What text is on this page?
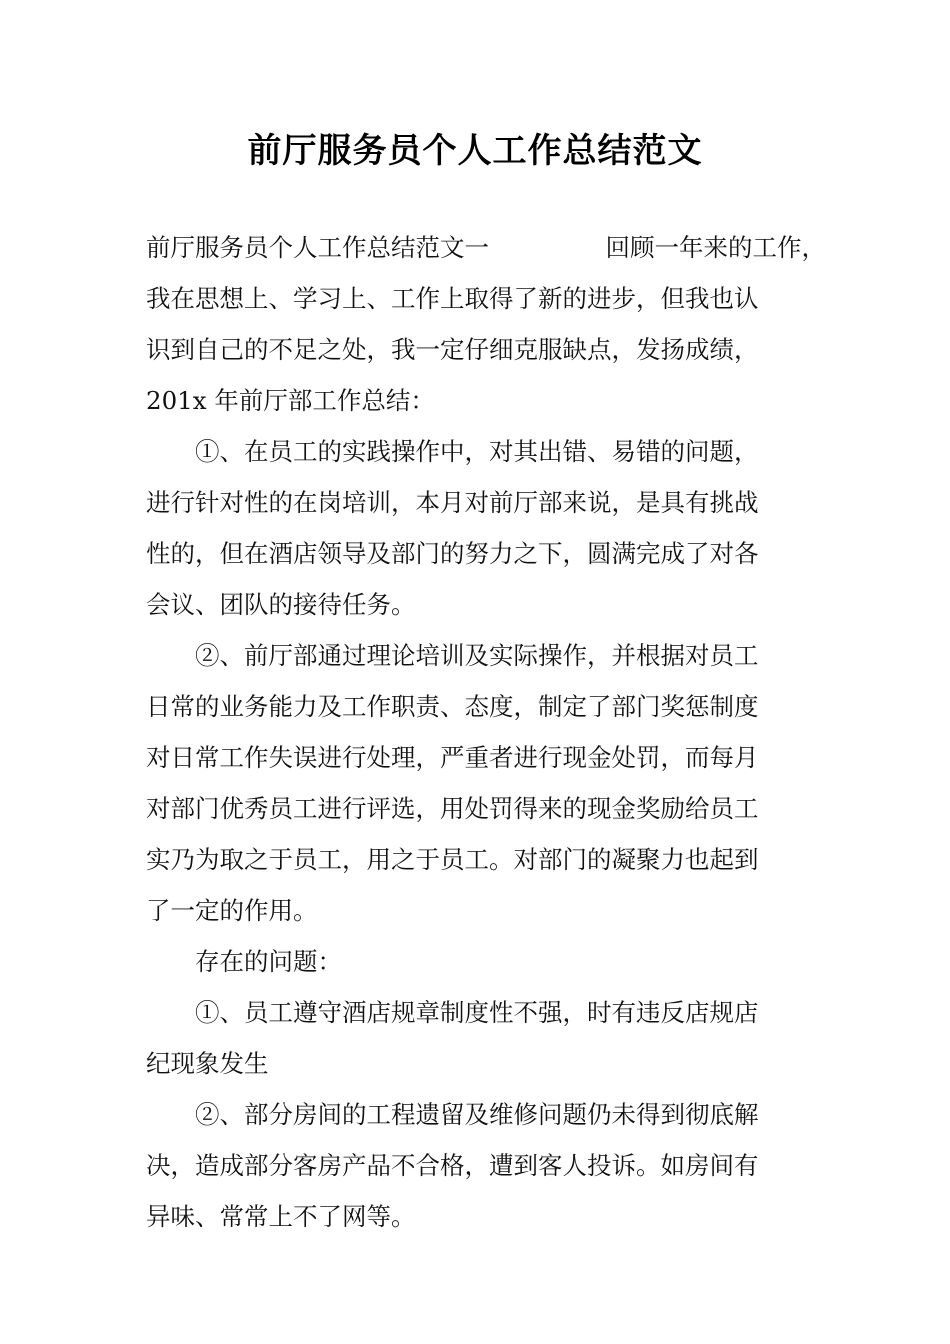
前厅服务员个人工作总结范文
前厅服务员个人工作总结范文一	回顾一年来的工作，
我在思想上、学习上、工作上取得了新的进步，但我也认
识到自己的不足之处，我一定仔细克服缺点，发扬成绩，
201x 年前厅部工作总结：
①、在员工的实践操作中，对其出错、易错的问题，
进行针对性的在岗培训，本月对前厅部来说，是具有挑战
性的，但在酒店领导及部门的努力之下，圆满完成了对各
会议、团队的接待任务。
②、前厅部通过理论培训及实际操作，并根据对员工
日常的业务能力及工作职责、态度，制定了部门奖惩制度
对日常工作失误进行处理，严重者进行现金处罚，而每月
对部门优秀员工进行评选，用处罚得来的现金奖励给员工
实乃为取之于员工，用之于员工。对部门的凝聚力也起到
了一定的作用。
存在的问题：
①、员工遵守酒店规章制度性不强，时有违反店规店
纪现象发生
②、部分房间的工程遗留及维修问题仍未得到彻底解
决，造成部分客房产品不合格，遭到客人投诉。如房间有
异味、常常上不了网等。
